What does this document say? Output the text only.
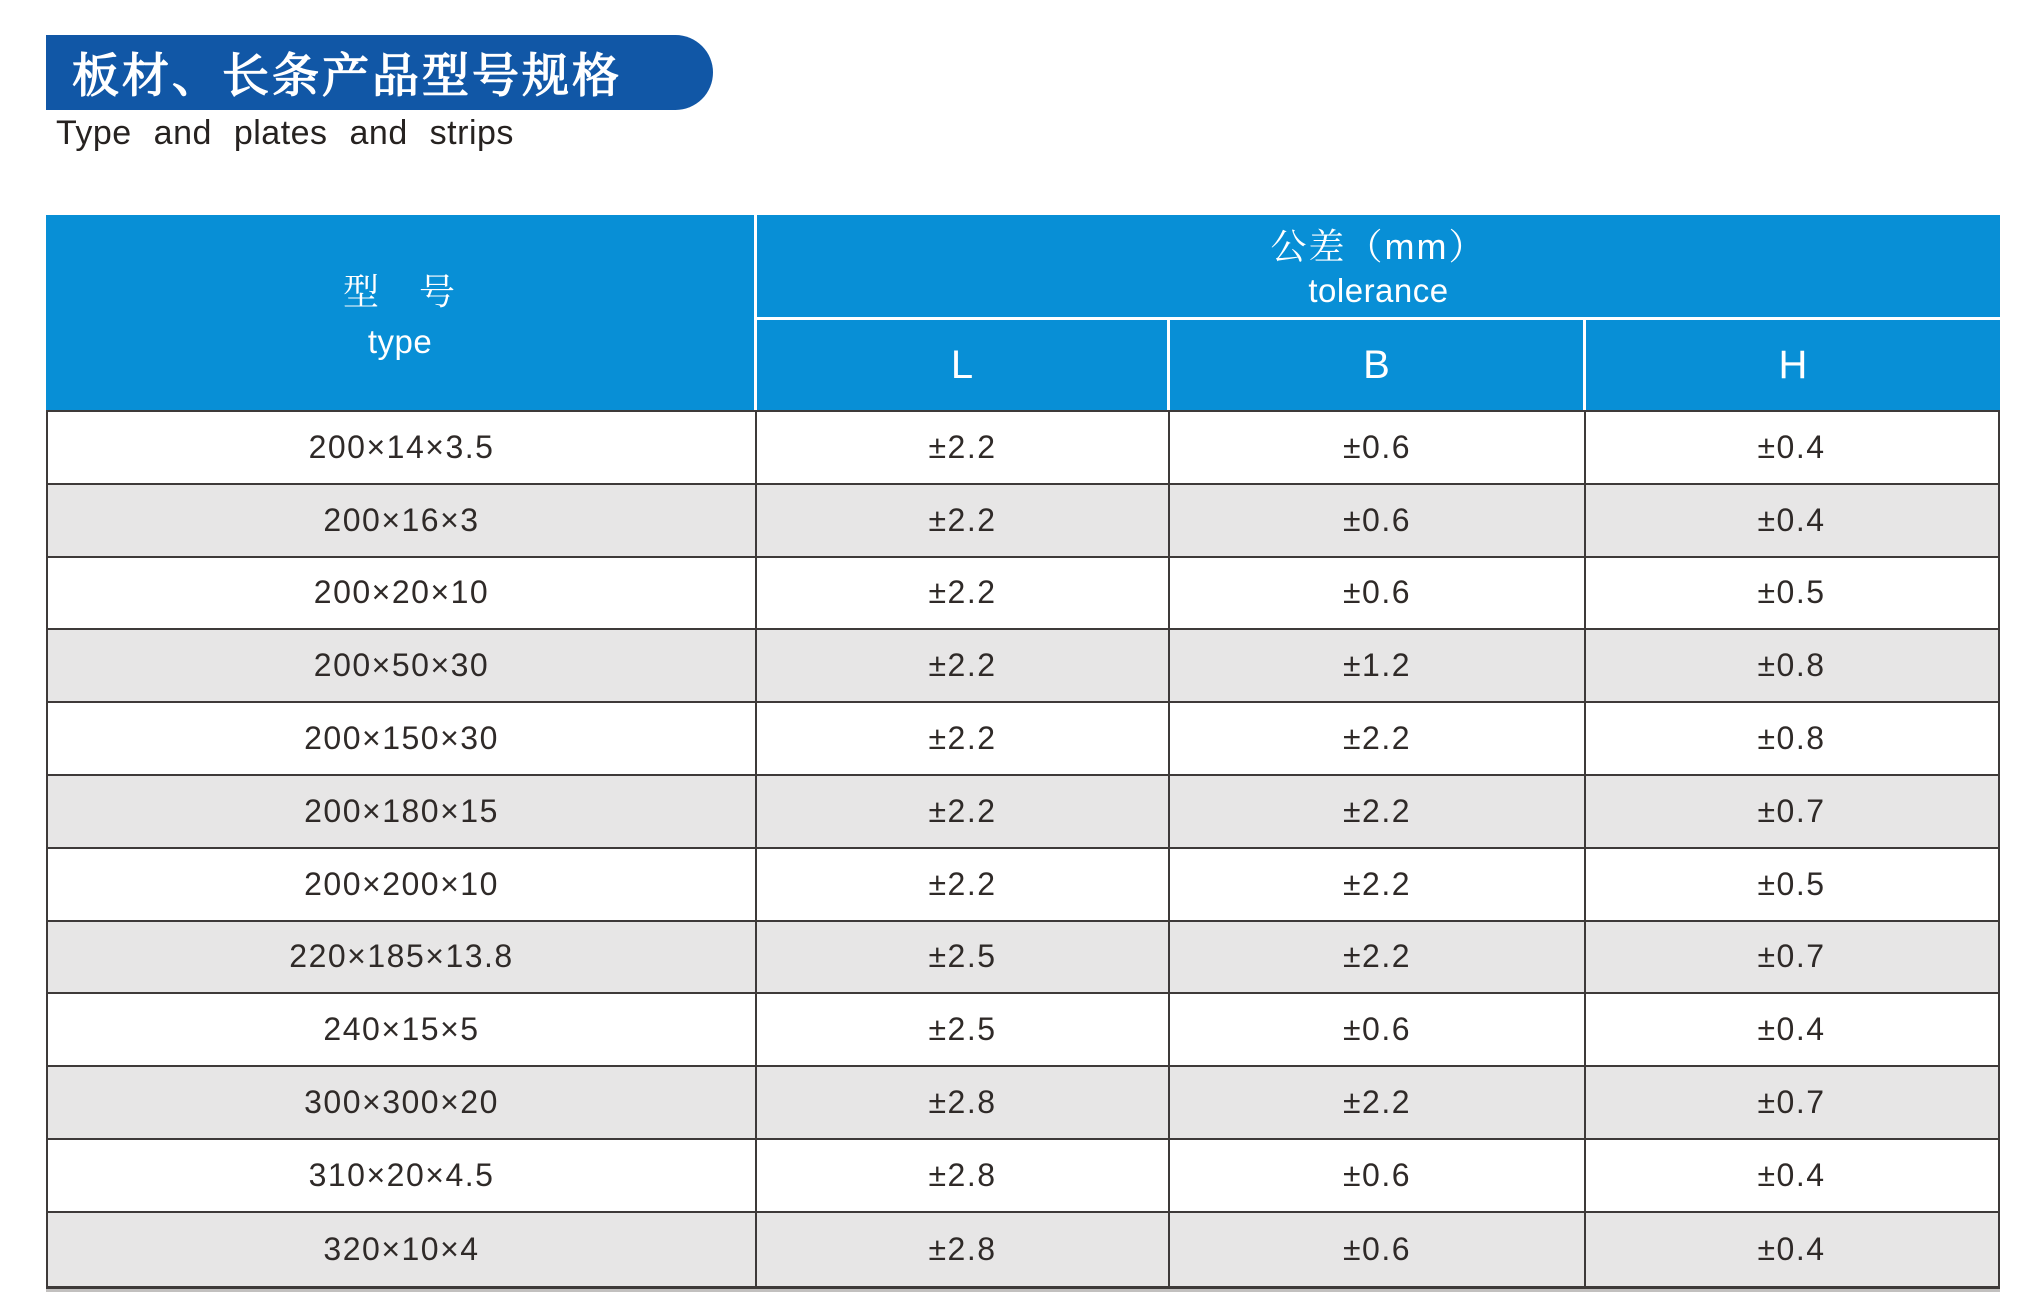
板材、长条产品型号规格
Type and plates and strips
型　号
type
公差（mm）
tolerance
L	B	H
200×14×3.5	±2.2	±0.6	±0.4
200×16×3	±2.2	±0.6	±0.4
200×20×10	±2.2	±0.6	±0.5
200×50×30	±2.2	±1.2	±0.8
200×150×30	±2.2	±2.2	±0.8
200×180×15	±2.2	±2.2	±0.7
200×200×10	±2.2	±2.2	±0.5
220×185×13.8	±2.5	±2.2	±0.7
240×15×5	±2.5	±0.6	±0.4
300×300×20	±2.8	±2.2	±0.7
310×20×4.5	±2.8	±0.6	±0.4
320×10×4	±2.8	±0.6	±0.4
